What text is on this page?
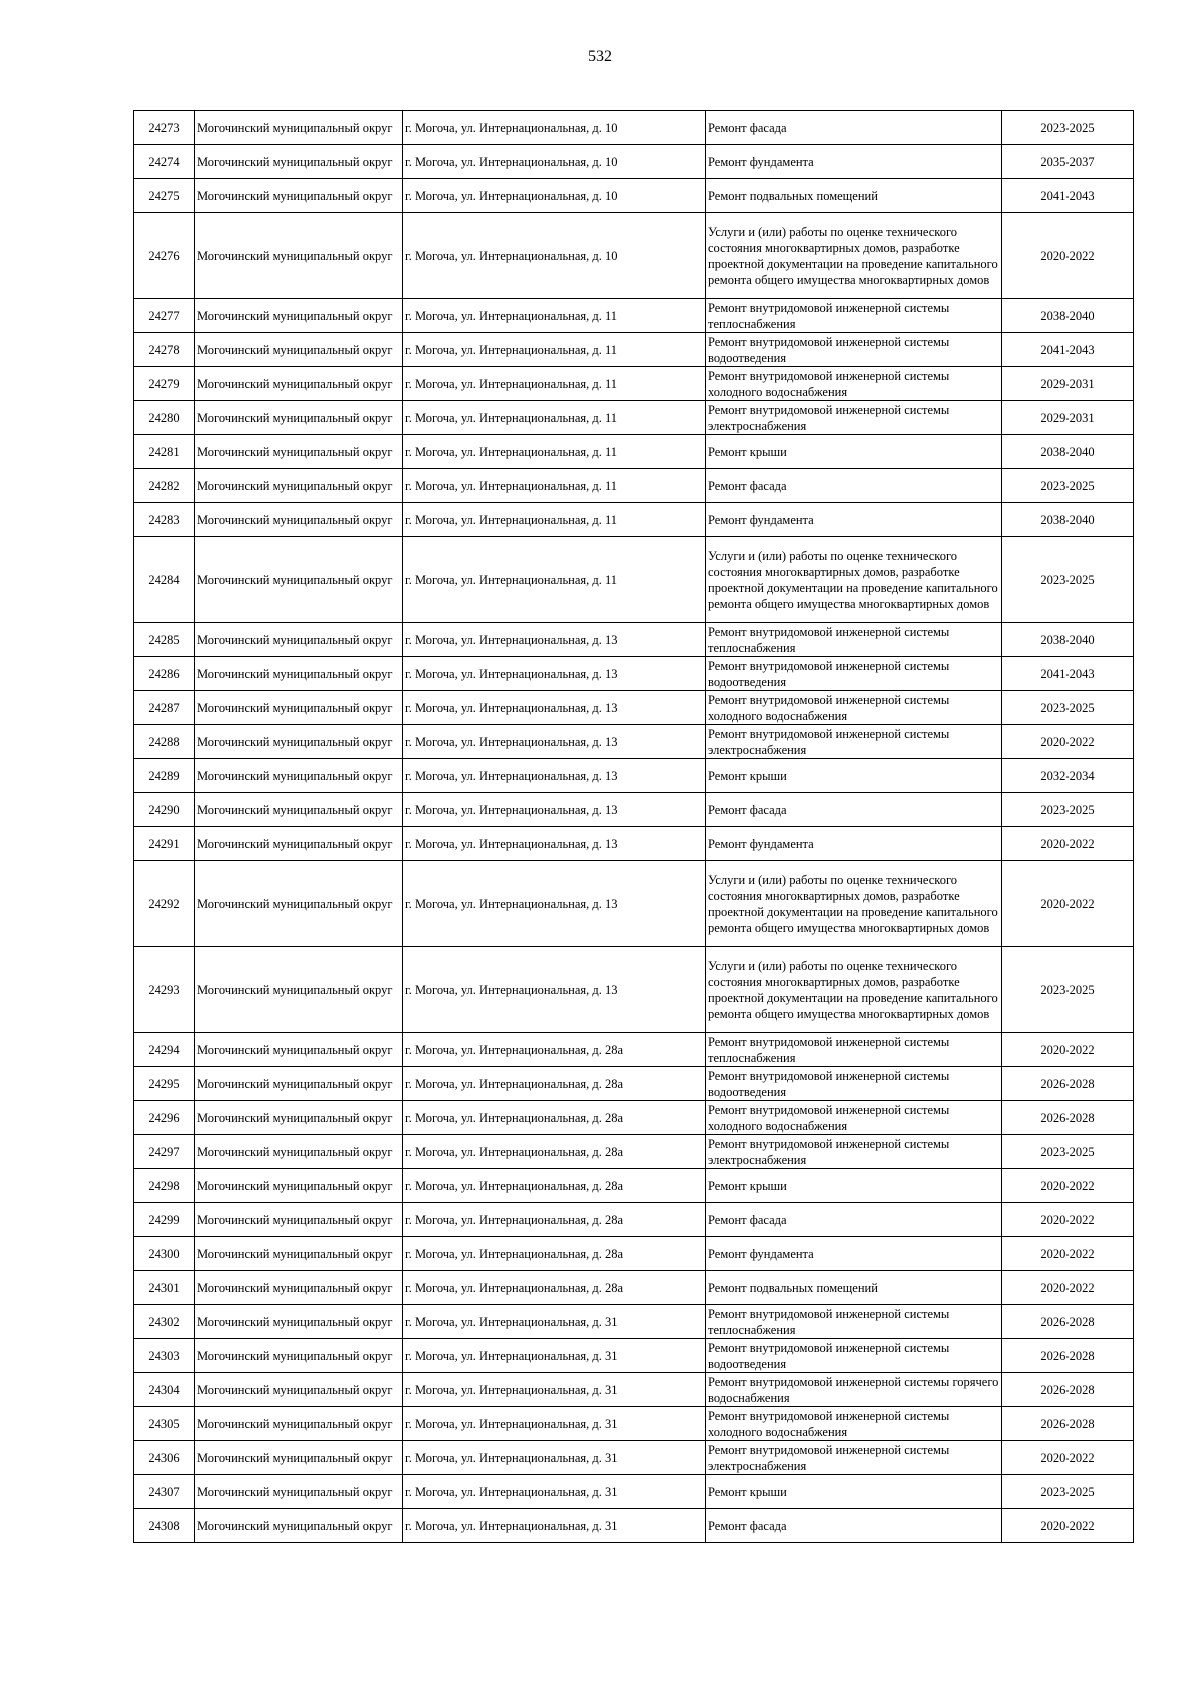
532
24273	Могочинский муниципальный округ	г. Могоча, ул. Интернациональная, д. 10	Ремонт фасада	2023-2025
24274	Могочинский муниципальный округ	г. Могоча, ул. Интернациональная, д. 10	Ремонт фундамента	2035-2037
24275	Могочинский муниципальный округ	г. Могоча, ул. Интернациональная, д. 10	Ремонт подвальных помещений	2041-2043
24276	Могочинский муниципальный округ	г. Могоча, ул. Интернациональная, д. 10	Услуги и (или) работы по оценке технического состояния многоквартирных домов, разработке проектной документации на проведение капитального ремонта общего имущества многоквартирных домов	2020-2022
24277	Могочинский муниципальный округ	г. Могоча, ул. Интернациональная, д. 11	Ремонт внутридомовой инженерной системы теплоснабжения	2038-2040
24278	Могочинский муниципальный округ	г. Могоча, ул. Интернациональная, д. 11	Ремонт внутридомовой инженерной системы водоотведения	2041-2043
24279	Могочинский муниципальный округ	г. Могоча, ул. Интернациональная, д. 11	Ремонт внутридомовой инженерной системы холодного водоснабжения	2029-2031
24280	Могочинский муниципальный округ	г. Могоча, ул. Интернациональная, д. 11	Ремонт внутридомовой инженерной системы электроснабжения	2029-2031
24281	Могочинский муниципальный округ	г. Могоча, ул. Интернациональная, д. 11	Ремонт крыши	2038-2040
24282	Могочинский муниципальный округ	г. Могоча, ул. Интернациональная, д. 11	Ремонт фасада	2023-2025
24283	Могочинский муниципальный округ	г. Могоча, ул. Интернациональная, д. 11	Ремонт фундамента	2038-2040
24284	Могочинский муниципальный округ	г. Могоча, ул. Интернациональная, д. 11	Услуги и (или) работы по оценке технического состояния многоквартирных домов, разработке проектной документации на проведение капитального ремонта общего имущества многоквартирных домов	2023-2025
24285	Могочинский муниципальный округ	г. Могоча, ул. Интернациональная, д. 13	Ремонт внутридомовой инженерной системы теплоснабжения	2038-2040
24286	Могочинский муниципальный округ	г. Могоча, ул. Интернациональная, д. 13	Ремонт внутридомовой инженерной системы водоотведения	2041-2043
24287	Могочинский муниципальный округ	г. Могоча, ул. Интернациональная, д. 13	Ремонт внутридомовой инженерной системы холодного водоснабжения	2023-2025
24288	Могочинский муниципальный округ	г. Могоча, ул. Интернациональная, д. 13	Ремонт внутридомовой инженерной системы электроснабжения	2020-2022
24289	Могочинский муниципальный округ	г. Могоча, ул. Интернациональная, д. 13	Ремонт крыши	2032-2034
24290	Могочинский муниципальный округ	г. Могоча, ул. Интернациональная, д. 13	Ремонт фасада	2023-2025
24291	Могочинский муниципальный округ	г. Могоча, ул. Интернациональная, д. 13	Ремонт фундамента	2020-2022
24292	Могочинский муниципальный округ	г. Могоча, ул. Интернациональная, д. 13	Услуги и (или) работы по оценке технического состояния многоквартирных домов, разработке проектной документации на проведение капитального ремонта общего имущества многоквартирных домов	2020-2022
24293	Могочинский муниципальный округ	г. Могоча, ул. Интернациональная, д. 13	Услуги и (или) работы по оценке технического состояния многоквартирных домов, разработке проектной документации на проведение капитального ремонта общего имущества многоквартирных домов	2023-2025
24294	Могочинский муниципальный округ	г. Могоча, ул. Интернациональная, д. 28а	Ремонт внутридомовой инженерной системы теплоснабжения	2020-2022
24295	Могочинский муниципальный округ	г. Могоча, ул. Интернациональная, д. 28а	Ремонт внутридомовой инженерной системы водоотведения	2026-2028
24296	Могочинский муниципальный округ	г. Могоча, ул. Интернациональная, д. 28а	Ремонт внутридомовой инженерной системы холодного водоснабжения	2026-2028
24297	Могочинский муниципальный округ	г. Могоча, ул. Интернациональная, д. 28а	Ремонт внутридомовой инженерной системы электроснабжения	2023-2025
24298	Могочинский муниципальный округ	г. Могоча, ул. Интернациональная, д. 28а	Ремонт крыши	2020-2022
24299	Могочинский муниципальный округ	г. Могоча, ул. Интернациональная, д. 28а	Ремонт фасада	2020-2022
24300	Могочинский муниципальный округ	г. Могоча, ул. Интернациональная, д. 28а	Ремонт фундамента	2020-2022
24301	Могочинский муниципальный округ	г. Могоча, ул. Интернациональная, д. 28а	Ремонт подвальных помещений	2020-2022
24302	Могочинский муниципальный округ	г. Могоча, ул. Интернациональная, д. 31	Ремонт внутридомовой инженерной системы теплоснабжения	2026-2028
24303	Могочинский муниципальный округ	г. Могоча, ул. Интернациональная, д. 31	Ремонт внутридомовой инженерной системы водоотведения	2026-2028
24304	Могочинский муниципальный округ	г. Могоча, ул. Интернациональная, д. 31	Ремонт внутридомовой инженерной системы горячего водоснабжения	2026-2028
24305	Могочинский муниципальный округ	г. Могоча, ул. Интернациональная, д. 31	Ремонт внутридомовой инженерной системы холодного водоснабжения	2026-2028
24306	Могочинский муниципальный округ	г. Могоча, ул. Интернациональная, д. 31	Ремонт внутридомовой инженерной системы электроснабжения	2020-2022
24307	Могочинский муниципальный округ	г. Могоча, ул. Интернациональная, д. 31	Ремонт крыши	2023-2025
24308	Могочинский муниципальный округ	г. Могоча, ул. Интернациональная, д. 31	Ремонт фасада	2020-2022
